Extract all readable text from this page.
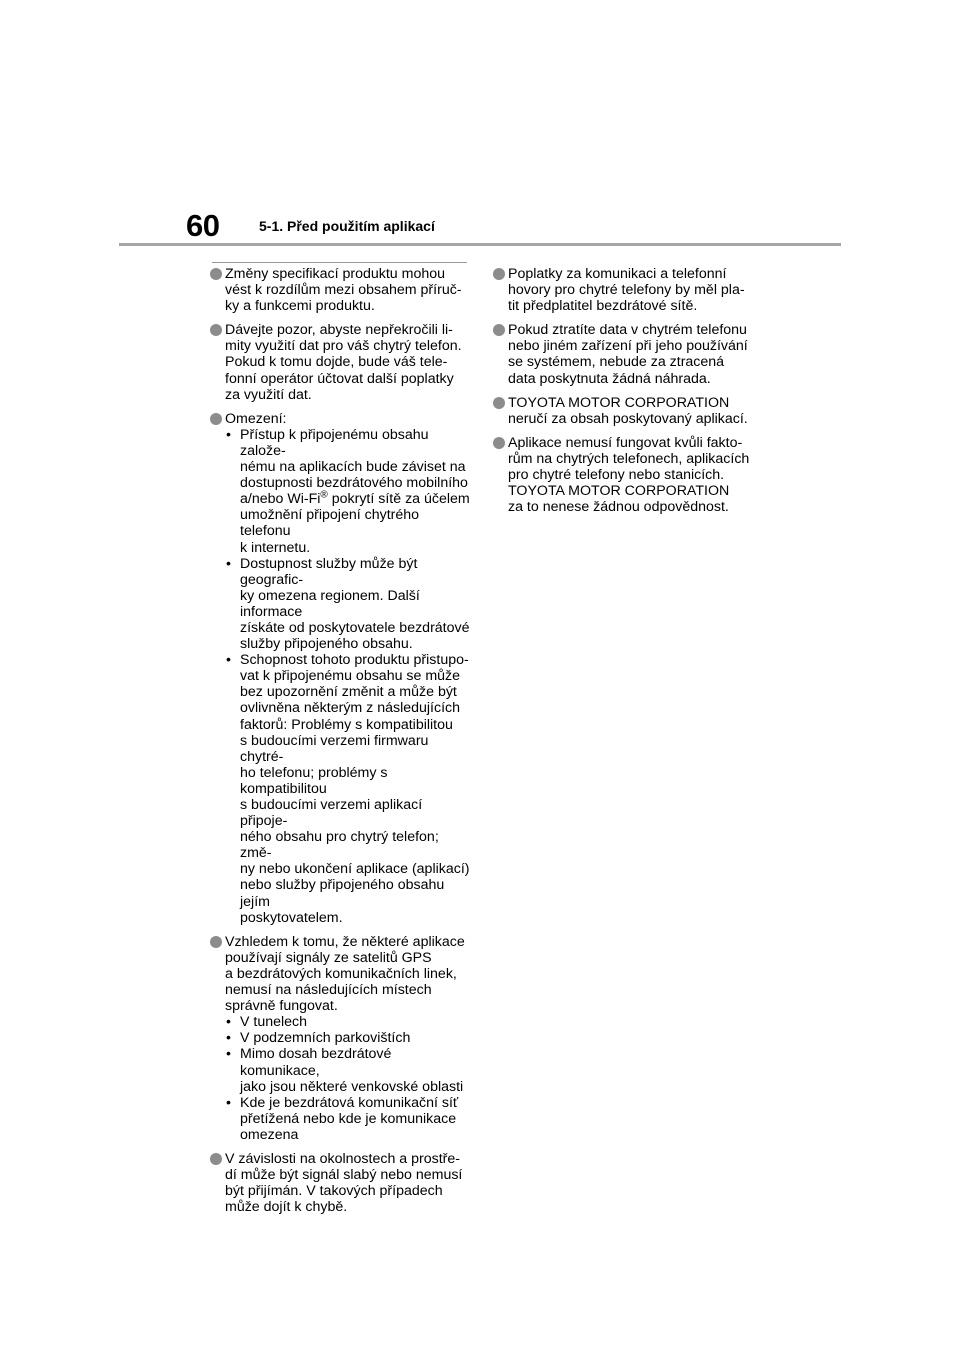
60	5-1. Před použitím aplikací
Změny specifikací produktu mohou
vést k rozdílům mezi obsahem příruč-
ky a funkcemi produktu.
Dávejte pozor, abyste nepřekročili li-
mity využití dat pro váš chytrý telefon.
Pokud k tomu dojde, bude váš tele-
fonní operátor účtovat další poplatky
za využití dat.
Omezení:
• Přístup k připojenému obsahu založe-
nému na aplikacích bude záviset na
dostupnosti bezdrátového mobilního
a/nebo Wi-Fi® pokrytí sítě za účelem
umožnění připojení chytrého telefonu
k internetu.
• Dostupnost služby může být geografic-
ky omezena regionem. Další informace
získáte od poskytovatele bezdrátové
služby připojeného obsahu.
• Schopnost tohoto produktu přistupo-
vat k připojenému obsahu se může
bez upozornění změnit a může být
ovlivněna některým z následujících
faktorů: Problémy s kompatibilitou
s budoucími verzemi firmwaru chytré-
ho telefonu; problémy s kompatibilitou
s budoucími verzemi aplikací připoje-
ného obsahu pro chytrý telefon; změ-
ny nebo ukončení aplikace (aplikací)
nebo služby připojeného obsahu jejím
poskytovatelem.
Vzhledem k tomu, že některé aplikace
používají signály ze satelitů GPS
a bezdrátových komunikačních linek,
nemusí na následujících místech
správně fungovat.
• V tunelech
• V podzemních parkovištích
• Mimo dosah bezdrátové komunikace,
jako jsou některé venkovské oblasti
• Kde je bezdrátová komunikační síť
přetížená nebo kde je komunikace
omezena
V závislosti na okolnostech a prostře-
dí může být signál slabý nebo nemusí
být přijímán. V takových případech
může dojít k chybě.
Poplatky za komunikaci a telefonní
hovory pro chytré telefony by měl pla-
tit předplatitel bezdrátové sítě.
Pokud ztratíte data v chytrém telefonu
nebo jiném zařízení při jeho používání
se systémem, nebude za ztracená
data poskytnuta žádná náhrada.
TOYOTA MOTOR CORPORATION
neručí za obsah poskytovaný aplikací.
Aplikace nemusí fungovat kvůli fakto-
rům na chytrých telefonech, aplikacích
pro chytré telefony nebo stanicích.
TOYOTA MOTOR CORPORATION
za to nenese žádnou odpovědnost.
